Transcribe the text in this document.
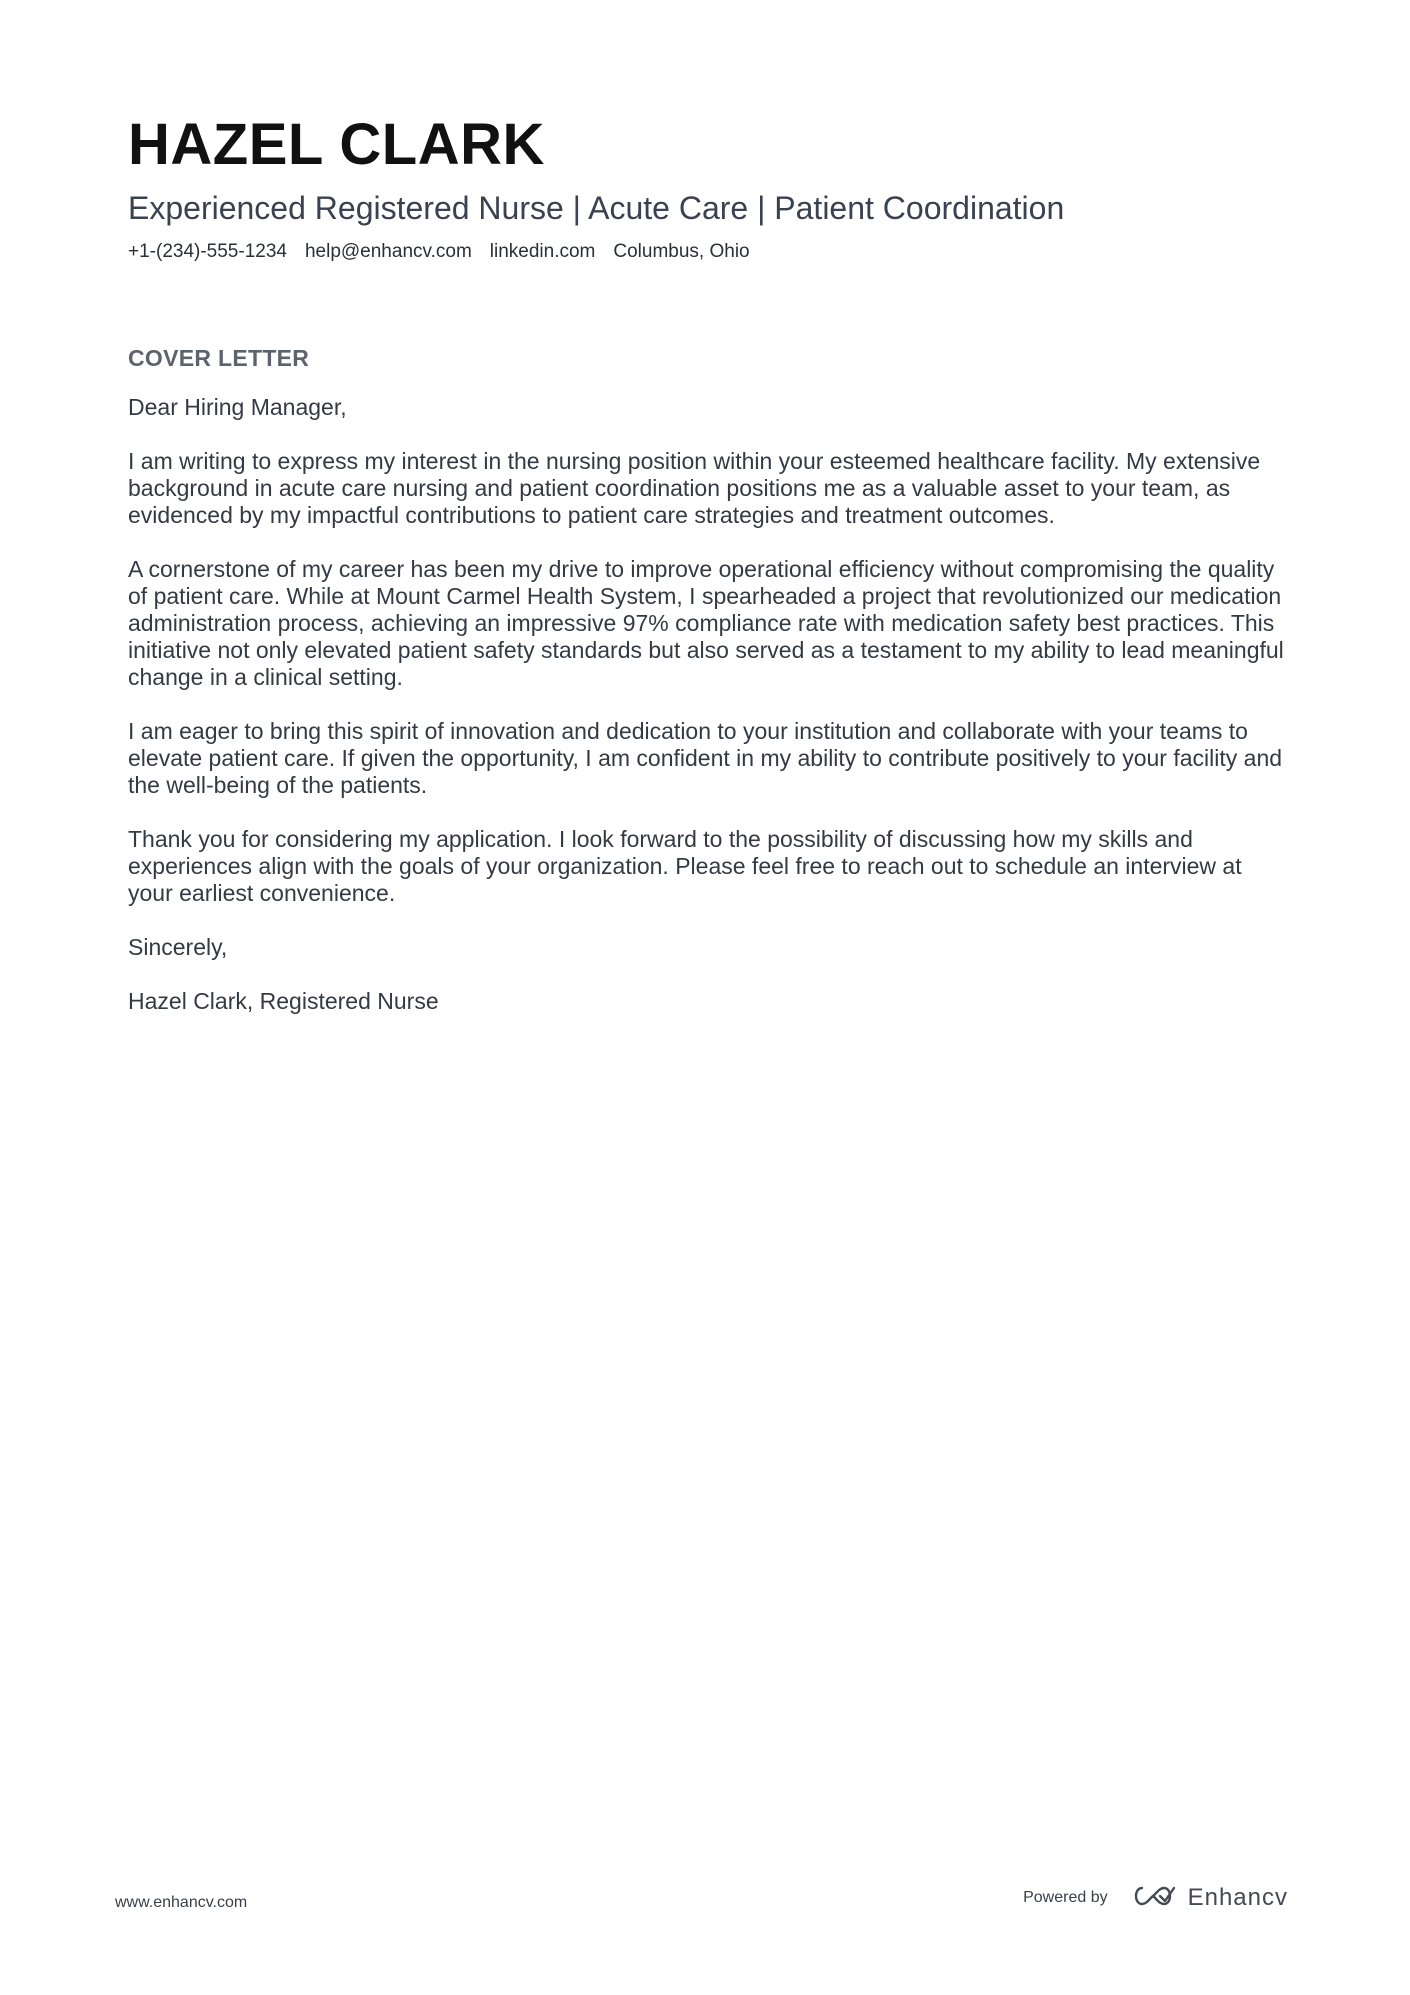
HAZEL CLARK
Experienced Registered Nurse | Acute Care | Patient Coordination
+1-(234)-555-1234 help@enhancv.com linkedin.com Columbus, Ohio
COVER LETTER

Dear Hiring Manager,

I am writing to express my interest in the nursing position within your esteemed healthcare facility. My extensive background in acute care nursing and patient coordination positions me as a valuable asset to your team, as evidenced by my impactful contributions to patient care strategies and treatment outcomes.

A cornerstone of my career has been my drive to improve operational efficiency without compromising the quality of patient care. While at Mount Carmel Health System, I spearheaded a project that revolutionized our medication administration process, achieving an impressive 97% compliance rate with medication safety best practices. This initiative not only elevated patient safety standards but also served as a testament to my ability to lead meaningful change in a clinical setting.

I am eager to bring this spirit of innovation and dedication to your institution and collaborate with your teams to elevate patient care. If given the opportunity, I am confident in my ability to contribute positively to your facility and the well-being of the patients.

Thank you for considering my application. I look forward to the possibility of discussing how my skills and experiences align with the goals of your organization. Please feel free to reach out to schedule an interview at your earliest convenience.

Sincerely,

Hazel Clark, Registered Nurse

www.enhancv.com	Powered by	Enhancv
